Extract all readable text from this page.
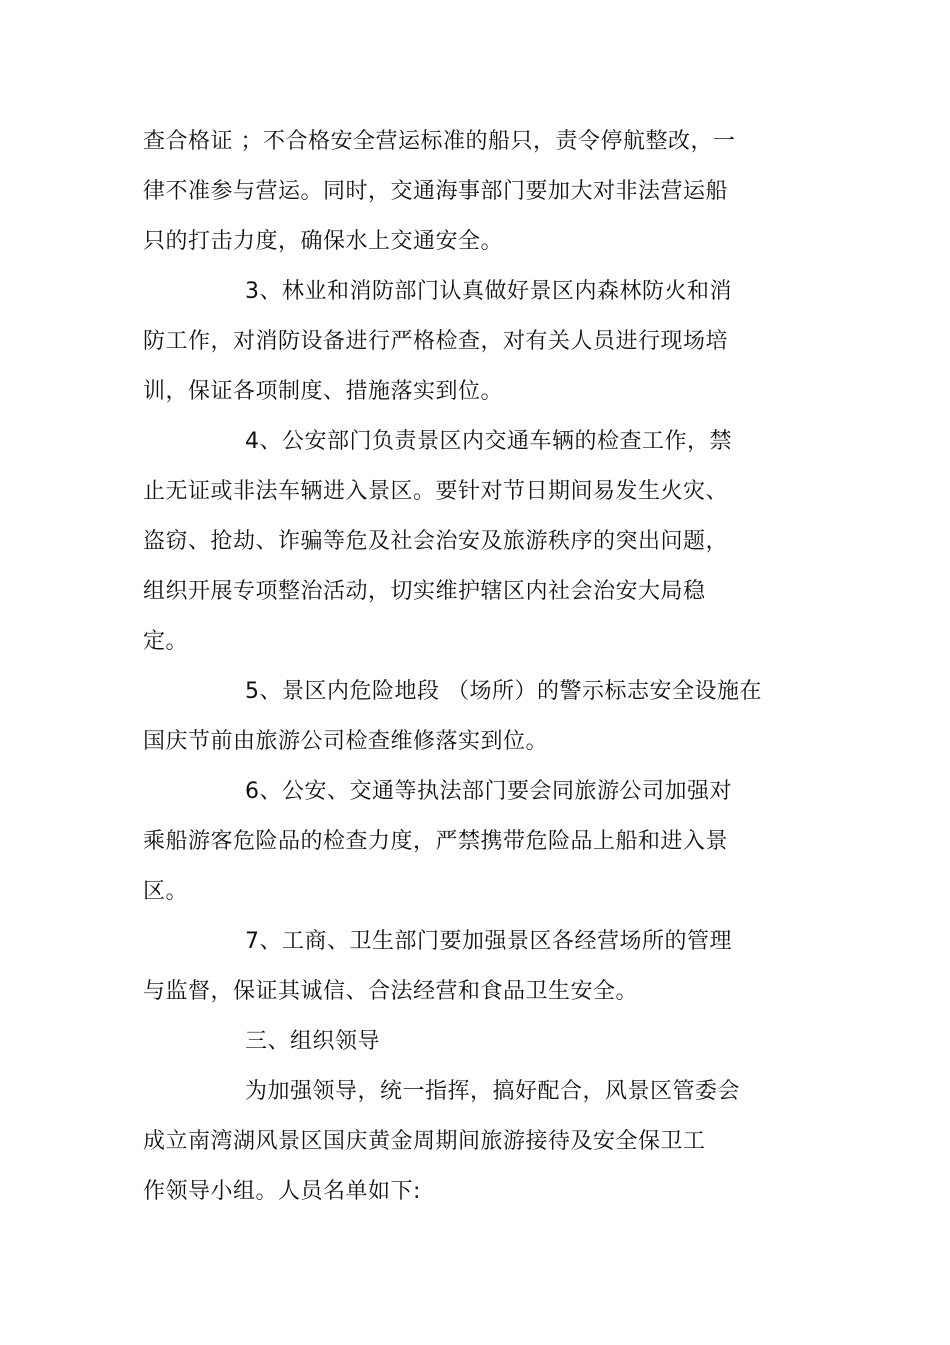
查合格证 ；不合格安全营运标准的船只，责令停航整改，一
律不准参与营运。同时，交通海事部门要加大对非法营运船
只的打击力度，确保水上交通安全。
3、林业和消防部门认真做好景区内森林防火和消
防工作，对消防设备进行严格检查，对有关人员进行现场培
训，保证各项制度、措施落实到位。
4、公安部门负责景区内交通车辆的检查工作，禁
止无证或非法车辆进入景区。要针对节日期间易发生火灾、
盗窃、抢劫、诈骗等危及社会治安及旅游秩序的突出问题，
组织开展专项整治活动，切实维护辖区内社会治安大局稳
定。
5、景区内危险地段 （场所）的警示标志安全设施在
国庆节前由旅游公司检查维修落实到位。
6、公安、交通等执法部门要会同旅游公司加强对
乘船游客危险品的检查力度，严禁携带危险品上船和进入景
区。
7、工商、卫生部门要加强景区各经营场所的管理
与监督，保证其诚信、合法经营和食品卫生安全。
三、组织领导
为加强领导，统一指挥，搞好配合，风景区管委会
成立南湾湖风景区国庆黄金周期间旅游接待及安全保卫工
作领导小组。人员名单如下:
